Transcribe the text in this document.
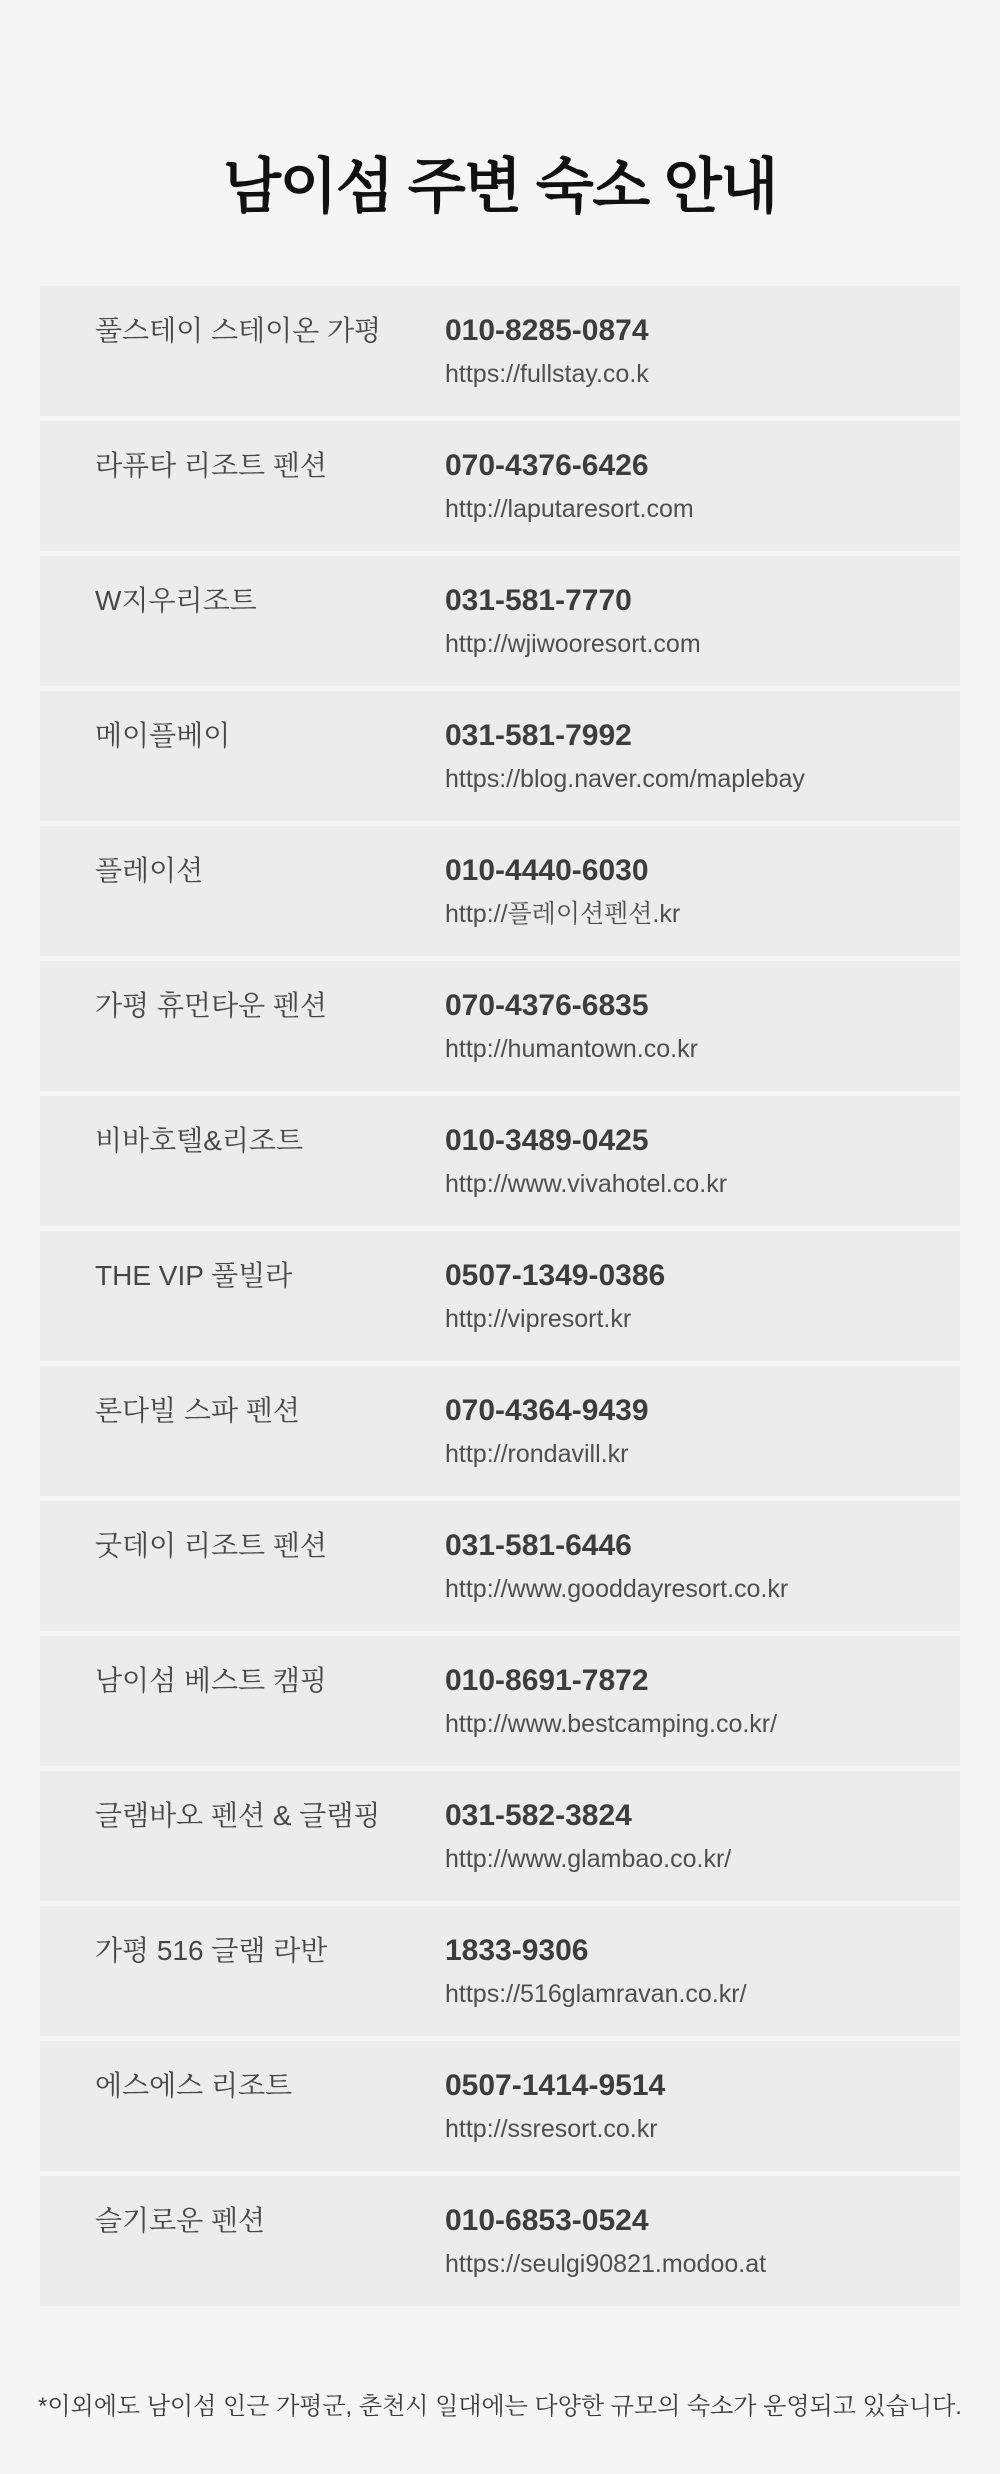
남이섬 주변 숙소 안내
풀스테이 스테이온 가평	010-8285-0874
https://fullstay.co.k
라퓨타 리조트 펜션	070-4376-6426
http://laputaresort.com
W지우리조트	031-581-7770
http://wjiwooresort.com
메이플베이	031-581-7992
https://blog.naver.com/maplebay
플레이션	010-4440-6030
http://플레이션펜션.kr
가평 휴먼타운 펜션	070-4376-6835
http://humantown.co.kr
비바호텔&리조트	010-3489-0425
http://www.vivahotel.co.kr
THE VIP 풀빌라	0507-1349-0386
http://vipresort.kr
론다빌 스파 펜션	070-4364-9439
http://rondavill.kr
굿데이 리조트 펜션	031-581-6446
http://www.gooddayresort.co.kr
남이섬 베스트 캠핑	010-8691-7872
http://www.bestcamping.co.kr/
글램바오 펜션 & 글램핑	031-582-3824
http://www.glambao.co.kr/
가평 516 글램 라반	1833-9306
https://516glamravan.co.kr/
에스에스 리조트	0507-1414-9514
http://ssresort.co.kr
슬기로운 펜션	010-6853-0524
https://seulgi90821.modoo.at
*이외에도 남이섬 인근 가평군, 춘천시 일대에는 다양한 규모의 숙소가 운영되고 있습니다.
